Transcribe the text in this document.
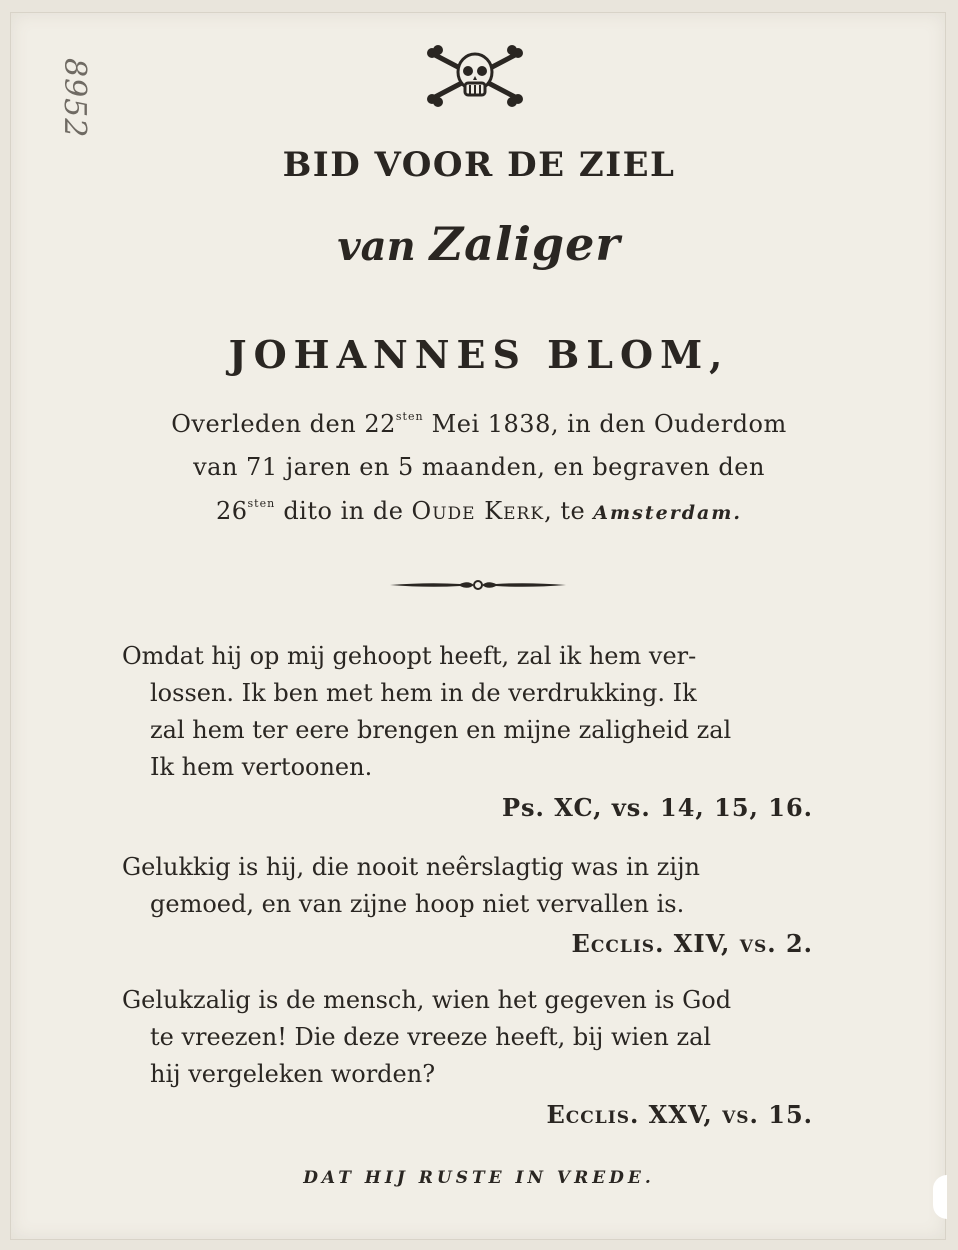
8952
BID VOOR DE ZIEL
van Zaliger
JOHANNES BLOM,
Overleden den $22^{sten}$ Mei 1838, in den Ouderdom
van 71 jaren en 5 maanden, en begraven den
$26^{sten}$ dito in de Oude Kerk, te Amsterdam.
Omdat hij op mij gehoopt heeft, zal ik hem ver-
lossen. Ik ben met hem in de verdrukking. Ik
zal hem ter eere brengen en mijne zaligheid zal
Ik hem vertoonen.
Ps. XC, vs. 14, 15, 16.
Gelukkig is hij, die nooit neêrslagtig was in zijn
gemoed, en van zijne hoop niet vervallen is.
Ecclis. XIV, vs. 2.
Gelukzalig is de mensch, wien het gegeven is God
te vreezen! Die deze vreeze heeft, bij wien zal
hij vergeleken worden?
Ecclis. XXV, vs. 15.
DAT HIJ RUSTE IN VREDE.
